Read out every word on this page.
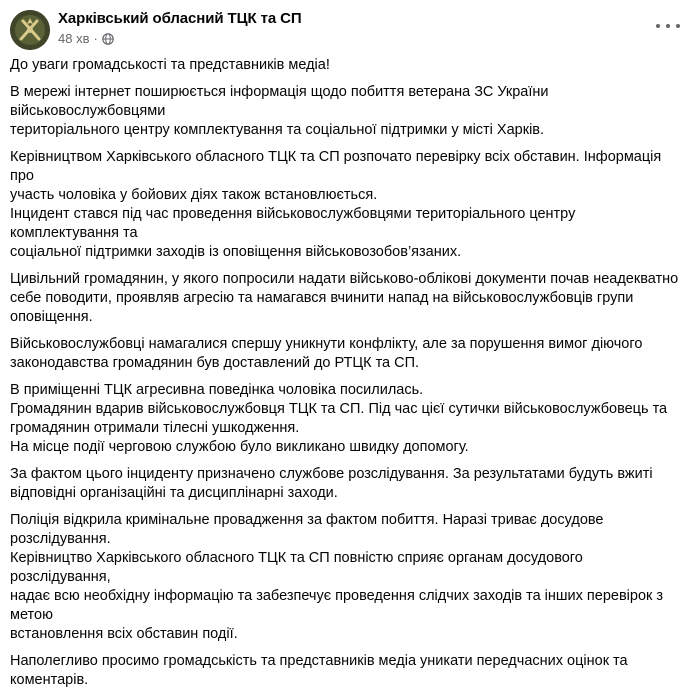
Харківський обласний ТЦК та СП
48 хв ·

До уваги громадськості та представників медіа!

В мережі інтернет поширюється інформація щодо побиття ветерана ЗС України військовослужбовцями
територіального центру комплектування та соціальної підтримки у місті Харків.

Керівництвом Харківського обласного ТЦК та СП розпочато перевірку всіх обставин. Інформація про
участь чоловіка у бойових діях також встановлюється.
Інцидент стався під час проведення військовослужбовцями територіального центру комплектування та
соціальної підтримки заходів із оповіщення військовозобов’язаних.

Цивільний громадянин, у якого попросили надати військово-облікові документи почав неадекватно
себе поводити, проявляв агресію та намагався вчинити напад на військовослужбовців групи
оповіщення.

Військовослужбовці намагалися спершу уникнути конфлікту, але за порушення вимог діючого
законодавства громадянин був доставлений до РТЦК та СП.

В приміщенні ТЦК агресивна поведінка чоловіка посилилась.
Громадянин вдарив військовослужбовця ТЦК та СП. Під час цієї сутички військовослужбовець та
громадянин отримали тілесні ушкодження.
На місце події черговою службою було викликано швидку допомогу.

За фактом цього інциденту призначено службове розслідування. За результатами будуть вжиті
відповідні організаційні та дисциплінарні заходи.

Поліція відкрила кримінальне провадження за фактом побиття. Наразі триває досудове розслідування.
Керівництво Харківського обласного ТЦК та СП повністю сприяє органам досудового розслідування,
надає всю необхідну інформацію та забезпечує проведення слідчих заходів та інших перевірок з метою
встановлення всіх обставин події.

Наполегливо просимо громадськість та представників медіа уникати передчасних оцінок та коментарів.
